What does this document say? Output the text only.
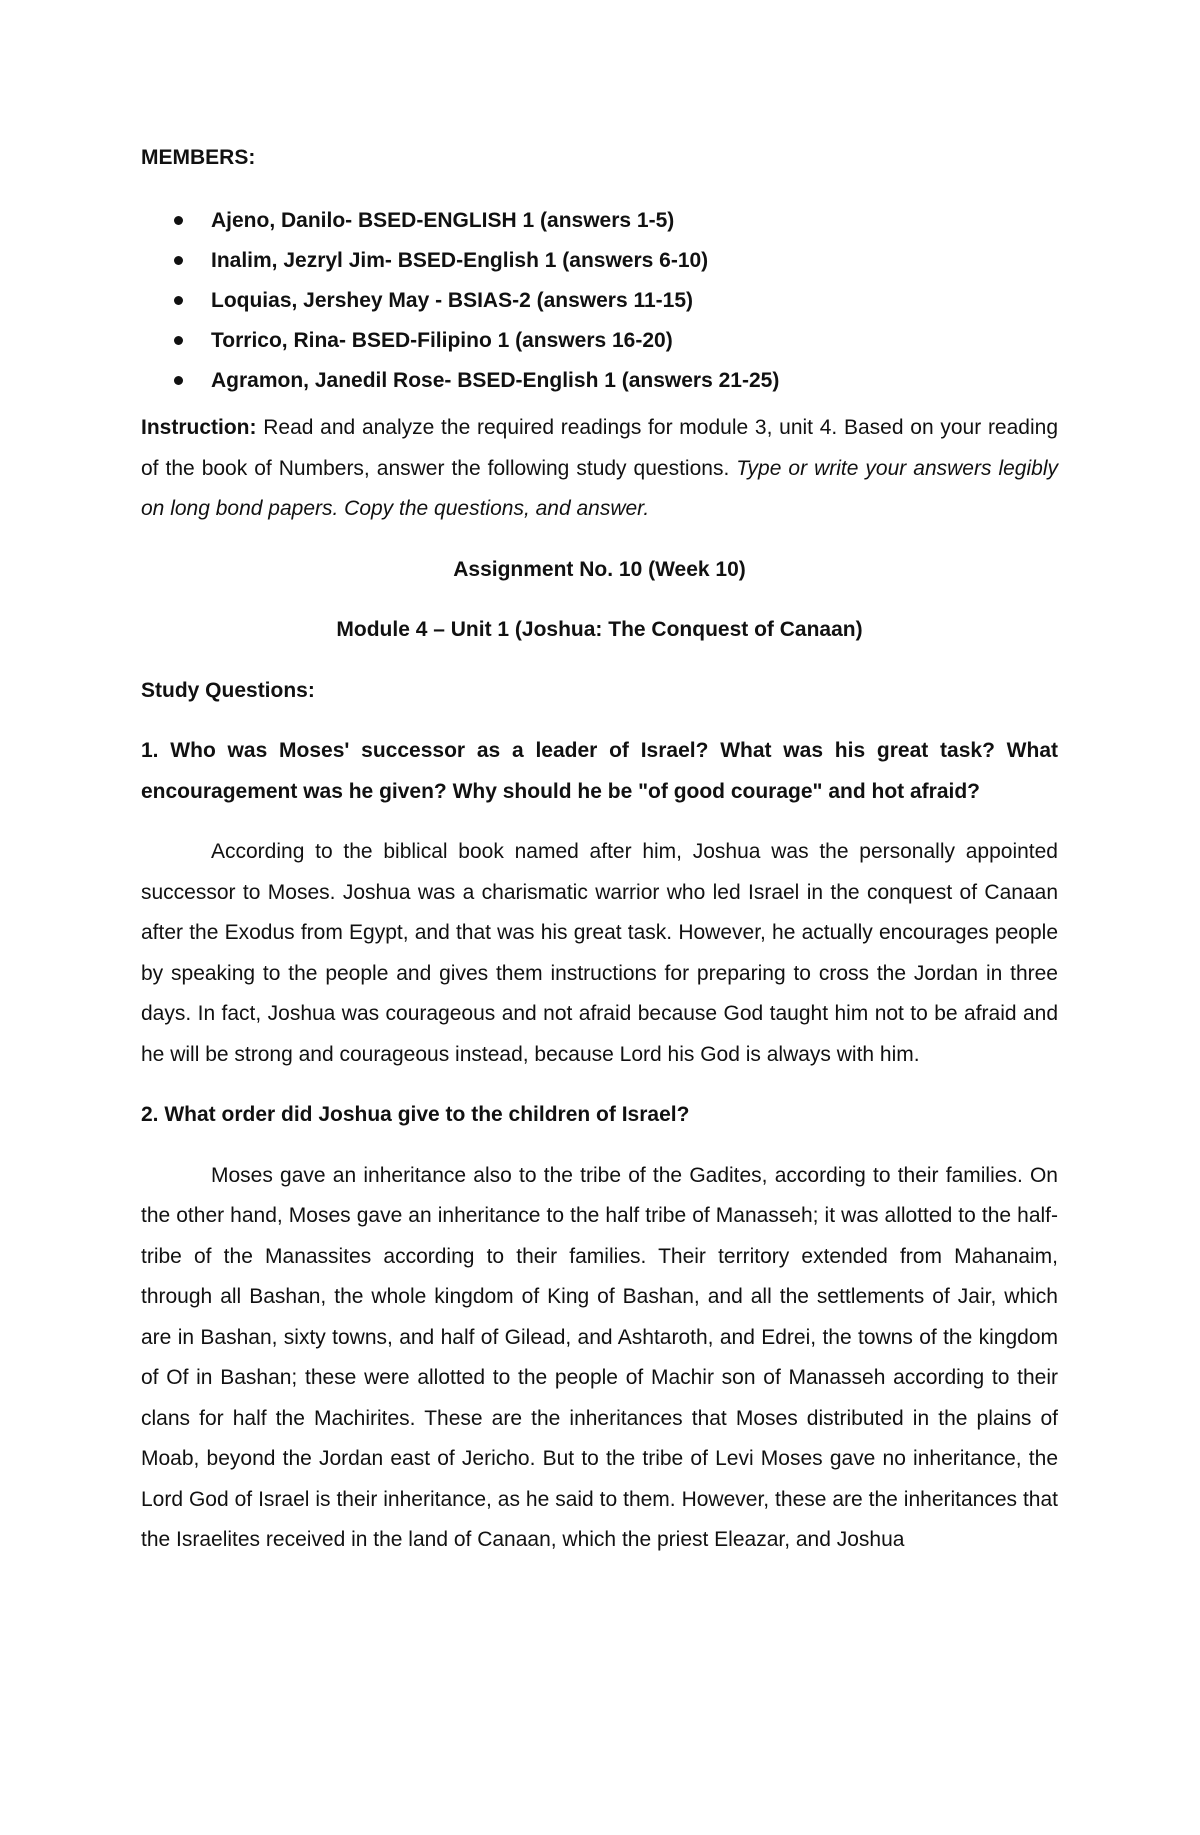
MEMBERS:
Ajeno, Danilo- BSED-ENGLISH 1 (answers 1-5)
Inalim, Jezryl Jim- BSED-English 1 (answers 6-10)
Loquias, Jershey May - BSIAS-2 (answers 11-15)
Torrico, Rina- BSED-Filipino 1 (answers 16-20)
Agramon, Janedil Rose- BSED-English 1 (answers 21-25)

Instruction: Read and analyze the required readings for module 3, unit 4. Based on your reading of the book of Numbers, answer the following study questions. Type or write your answers legibly on long bond papers. Copy the questions, and answer.

Assignment No. 10 (Week 10)
Module 4 – Unit 1 (Joshua: The Conquest of Canaan)
Study Questions:

1. Who was Moses' successor as a leader of Israel? What was his great task? What encouragement was he given? Why should he be "of good courage" and hot afraid?

According to the biblical book named after him, Joshua was the personally appointed successor to Moses. Joshua was a charismatic warrior who led Israel in the conquest of Canaan after the Exodus from Egypt, and that was his great task. However, he actually encourages people by speaking to the people and gives them instructions for preparing to cross the Jordan in three days. In fact, Joshua was courageous and not afraid because God taught him not to be afraid and he will be strong and courageous instead, because Lord his God is always with him.

2. What order did Joshua give to the children of Israel?

Moses gave an inheritance also to the tribe of the Gadites, according to their families. On the other hand, Moses gave an inheritance to the half tribe of Manasseh; it was allotted to the half-tribe of the Manassites according to their families. Their territory extended from Mahanaim, through all Bashan, the whole kingdom of King of Bashan, and all the settlements of Jair, which are in Bashan, sixty towns, and half of Gilead, and Ashtaroth, and Edrei, the towns of the kingdom of Of in Bashan; these were allotted to the people of Machir son of Manasseh according to their clans for half the Machirites. These are the inheritances that Moses distributed in the plains of Moab, beyond the Jordan east of Jericho. But to the tribe of Levi Moses gave no inheritance, the Lord God of Israel is their inheritance, as he said to them. However, these are the inheritances that the Israelites received in the land of Canaan, which the priest Eleazar, and Joshua
